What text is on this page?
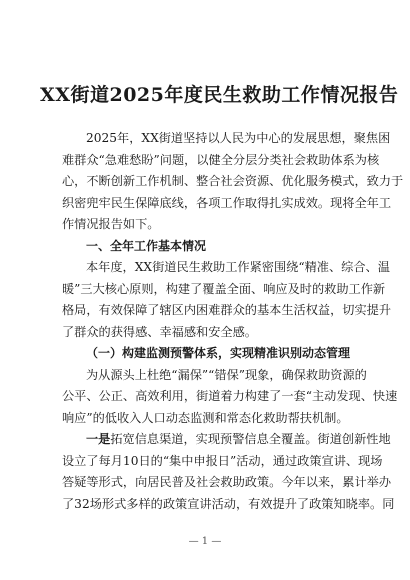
XX街道2025年度民生救助工作情况报告
2025年，XX街道坚持以人民为中心的发展思想，聚焦困
难群众“急难愁盼”问题，以健全分层分类社会救助体系为核
心，不断创新工作机制、整合社会资源、优化服务模式，致力于
织密兜牢民生保障底线，各项工作取得扎实成效。现将全年工
作情况报告如下。
一、全年工作基本情况
本年度，XX街道民生救助工作紧密围绕“精准、综合、温
暖”三大核心原则，构建了覆盖全面、响应及时的救助工作新
格局，有效保障了辖区内困难群众的基本生活权益，切实提升
了群众的获得感、幸福感和安全感。
（一）构建监测预警体系，实现精准识别动态管理
为从源头上杜绝“漏保”“错保”现象，确保救助资源的
公平、公正、高效利用，街道着力构建了一套“主动发现、快速
响应”的低收入人口动态监测和常态化救助帮扶机制。
一是拓宽信息渠道，实现预警信息全覆盖。街道创新性地
设立了每月10日的“集中申报日”活动，通过政策宣讲、现场
答疑等形式，向居民普及社会救助政策。今年以来，累计举办
了32场形式多样的政策宣讲活动，有效提升了政策知晓率。同
— 1 —
